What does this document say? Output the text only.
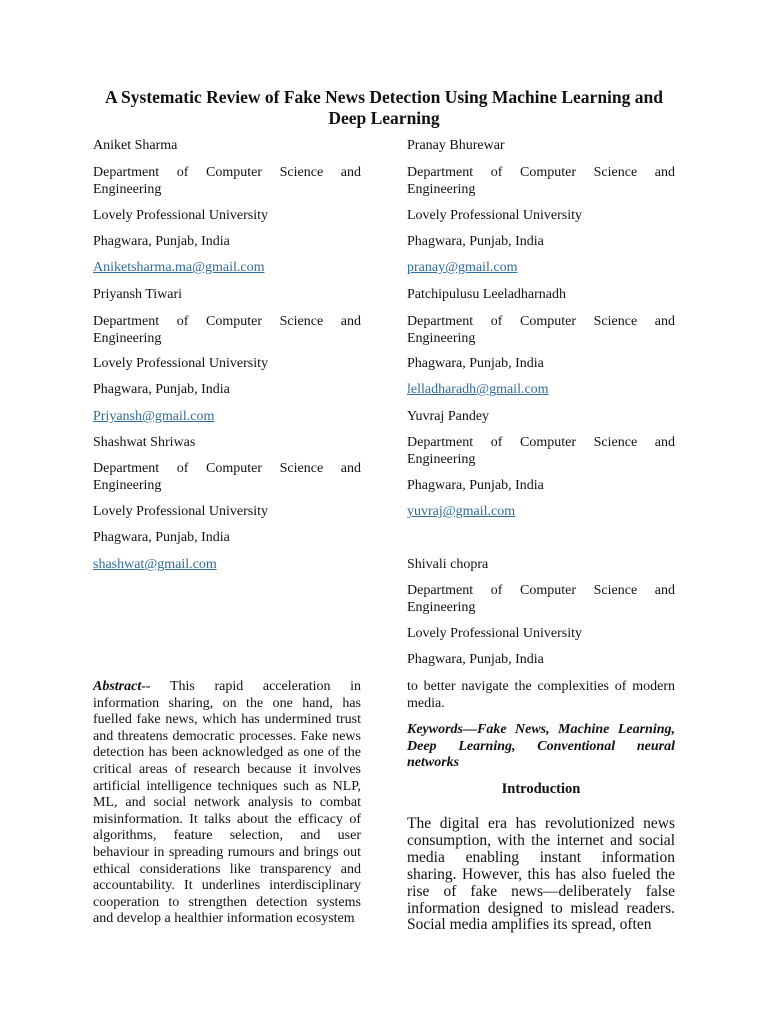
A Systematic Review of Fake News Detection Using Machine Learning and Deep Learning

Aniket Sharma

Department of Computer Science and Engineering

Lovely Professional University

Phagwara, Punjab, India

Aniketsharma.ma@gmail.com

Priyansh Tiwari

Department of Computer Science and Engineering

Lovely Professional University

Phagwara, Punjab, India

Priyansh@gmail.com

Shashwat Shriwas

Department of Computer Science and Engineering

Lovely Professional University

Phagwara, Punjab, India

shashwat@gmail.com

Abstract-- This rapid acceleration in information sharing, on the one hand, has fuelled fake news, which has undermined trust and threatens democratic processes. Fake news detection has been acknowledged as one of the critical areas of research because it involves artificial intelligence techniques such as NLP, ML, and social network analysis to combat misinformation. It talks about the efficacy of algorithms, feature selection, and user behaviour in spreading rumours and brings out ethical considerations like transparency and accountability. It underlines interdisciplinary cooperation to strengthen detection systems and develop a healthier information ecosystem

Pranay Bhurewar

Department of Computer Science and Engineering

Lovely Professional University

Phagwara, Punjab, India

pranay@gmail.com

Patchipulusu Leeladharnadh

Department of Computer Science and Engineering

Phagwara, Punjab, India

lelladharadh@gmail.com

Yuvraj Pandey

Department of Computer Science and Engineering

Phagwara, Punjab, India

yuvraj@gmail.com

Shivali chopra

Department of Computer Science and Engineering

Lovely Professional University

Phagwara, Punjab, India

to better navigate the complexities of modern media.

Keywords—Fake News, Machine Learning, Deep Learning, Conventional neural networks

Introduction

The digital era has revolutionized news consumption, with the internet and social media enabling instant information sharing. However, this has also fueled the rise of fake news—deliberately false information designed to mislead readers. Social media amplifies its spread, often
